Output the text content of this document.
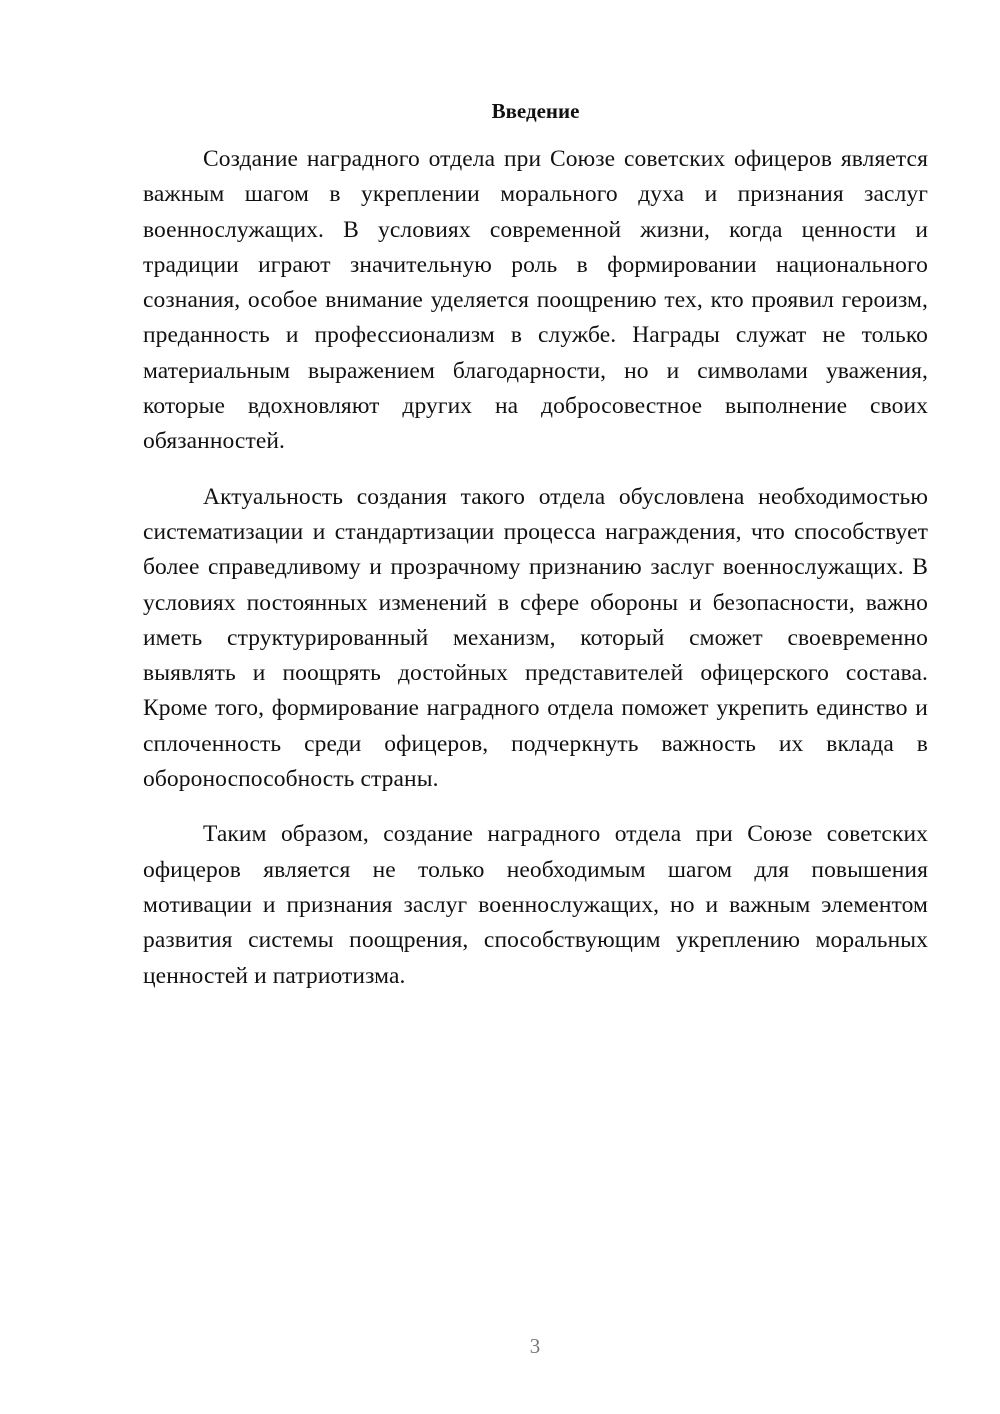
Введение

Создание наградного отдела при Союзе советских офицеров является важным шагом в укреплении морального духа и признания заслуг военнослужащих. В условиях современной жизни, когда ценности и традиции играют значительную роль в формировании национального сознания, особое внимание уделяется поощрению тех, кто проявил героизм, преданность и профессионализм в службе. Награды служат не только материальным выражением благодарности, но и символами уважения, которые вдохновляют других на добросовестное выполнение своих обязанностей.

Актуальность создания такого отдела обусловлена необходимостью систематизации и стандартизации процесса награждения, что способствует более справедливому и прозрачному признанию заслуг военнослужащих. В условиях постоянных изменений в сфере обороны и безопасности, важно иметь структурированный механизм, который сможет своевременно выявлять и поощрять достойных представителей офицерского состава. Кроме того, формирование наградного отдела поможет укрепить единство и сплоченность среди офицеров, подчеркнуть важность их вклада в обороноспособность страны.

Таким образом, создание наградного отдела при Союзе советских офицеров является не только необходимым шагом для повышения мотивации и признания заслуг военнослужащих, но и важным элементом развития системы поощрения, способствующим укреплению моральных ценностей и патриотизма.

3
